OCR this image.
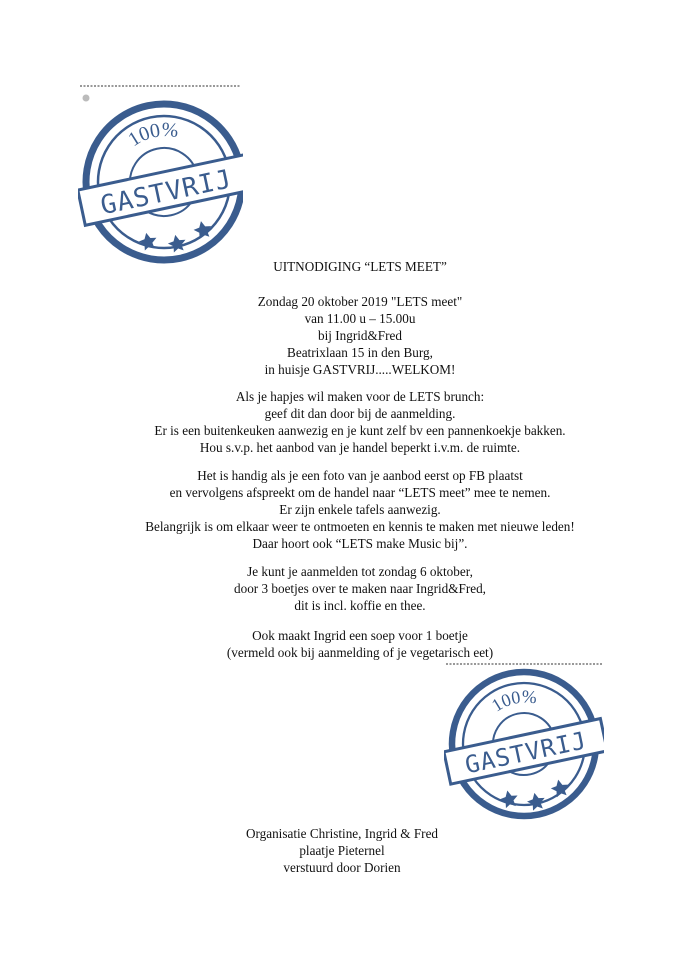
100%
GASTVRIJ
UITNODIGING “LETS MEET”
Zondag 20 oktober 2019 "LETS meet"
van 11.00 u – 15.00u
bij Ingrid&Fred
Beatrixlaan 15 in den Burg,
in huisje GASTVRIJ.....WELKOM!
Als je hapjes wil maken voor de LETS brunch:
geef dit dan door bij de aanmelding.
Er is een buitenkeuken aanwezig en je kunt zelf bv een pannenkoekje bakken.
Hou s.v.p. het aanbod van je handel beperkt i.v.m. de ruimte.
Het is handig als je een foto van je aanbod eerst op FB plaatst
en vervolgens afspreekt om de handel naar “LETS meet” mee te nemen.
Er zijn enkele tafels aanwezig.
Belangrijk is om elkaar weer te ontmoeten en kennis te maken met nieuwe leden!
Daar hoort ook “LETS make Music bij”.
Je kunt je aanmelden tot zondag 6 oktober,
door 3 boetjes over te maken naar Ingrid&Fred,
dit is incl. koffie en thee.
Ook maakt Ingrid een soep voor 1 boetje
(vermeld ook bij aanmelding of je vegetarisch eet)
100%
GASTVRIJ
Organisatie Christine, Ingrid & Fred
plaatje Pieternel
verstuurd door Dorien
